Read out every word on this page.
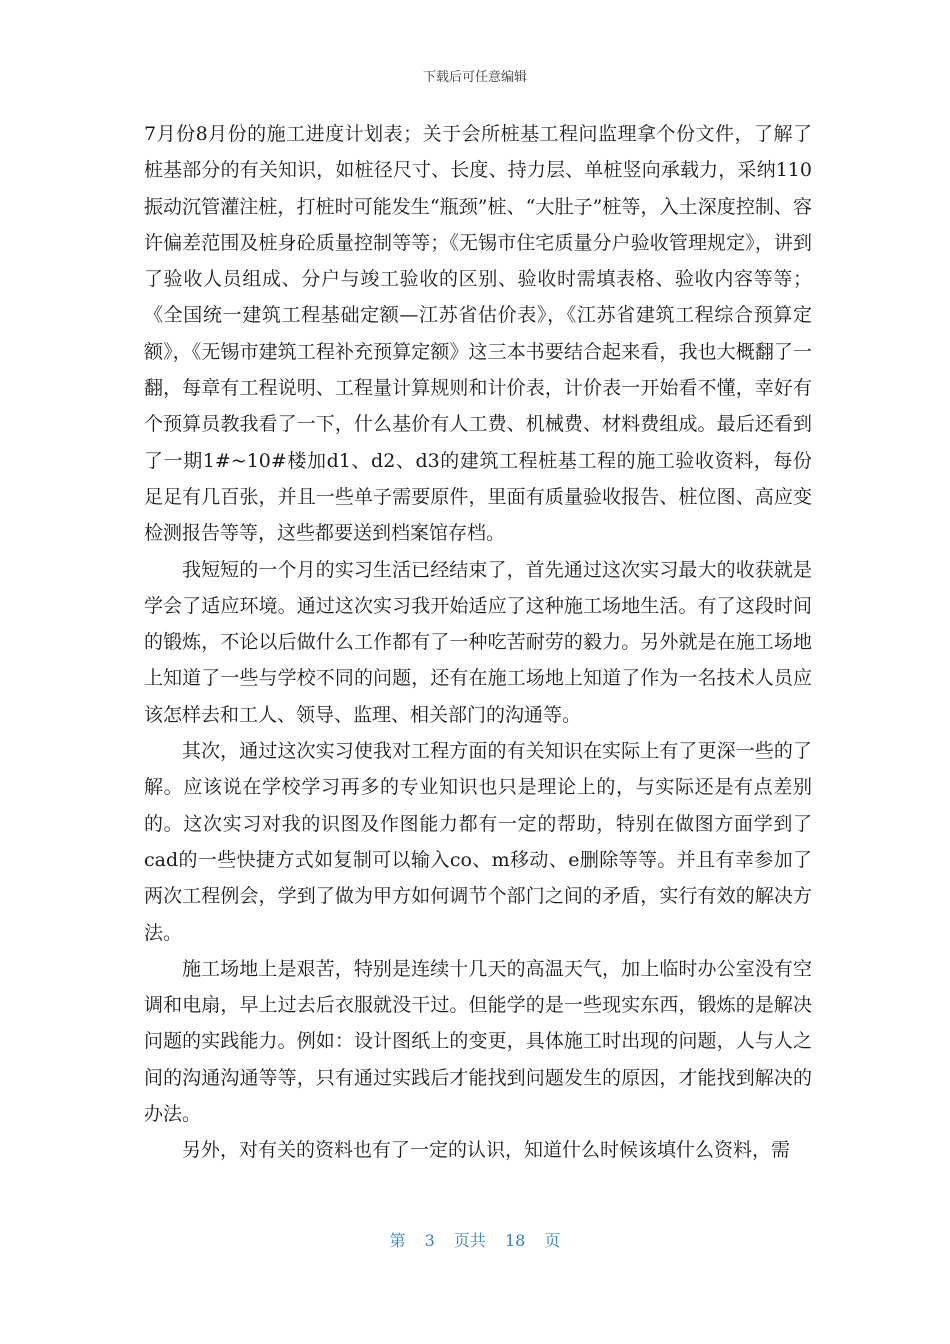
下载后可任意编辑

7月份8月份的施工进度计划表；关于会所桩基工程问监理拿个份文件，了解了桩基部分的有关知识，如桩径尺寸、长度、持力层、单桩竖向承载力，采纳110振动沉管灌注桩，打桩时可能发生“瓶颈”桩、“大肚子”桩等，入土深度控制、容许偏差范围及桩身砼质量控制等等；《无锡市住宅质量分户验收管理规定》，讲到了验收人员组成、分户与竣工验收的区别、验收时需填表格、验收内容等等；《全国统一建筑工程基础定额—江苏省估价表》，《江苏省建筑工程综合预算定额》，《无锡市建筑工程补充预算定额》这三本书要结合起来看，我也大概翻了一翻，每章有工程说明、工程量计算规则和计价表，计价表一开始看不懂，幸好有个预算员教我看了一下，什么基价有人工费、机械费、材料费组成。最后还看到了一期1#~10#楼加d1、d2、d3的建筑工程桩基工程的施工验收资料，每份足足有几百张，并且一些单子需要原件，里面有质量验收报告、桩位图、高应变检测报告等等，这些都要送到档案馆存档。

我短短的一个月的实习生活已经结束了，首先通过这次实习最大的收获就是学会了适应环境。通过这次实习我开始适应了这种施工场地生活。有了这段时间的锻炼，不论以后做什么工作都有了一种吃苦耐劳的毅力。另外就是在施工场地上知道了一些与学校不同的问题，还有在施工场地上知道了作为一名技术人员应该怎样去和工人、领导、监理、相关部门的沟通等。

其次，通过这次实习使我对工程方面的有关知识在实际上有了更深一些的了解。应该说在学校学习再多的专业知识也只是理论上的，与实际还是有点差别的。这次实习对我的识图及作图能力都有一定的帮助，特别在做图方面学到了cad的一些快捷方式如复制可以输入co、m移动、e删除等等。并且有幸参加了两次工程例会，学到了做为甲方如何调节个部门之间的矛盾，实行有效的解决方法。

施工场地上是艰苦，特别是连续十几天的高温天气，加上临时办公室没有空调和电扇，早上过去后衣服就没干过。但能学的是一些现实东西，锻炼的是解决问题的实践能力。例如：设计图纸上的变更，具体施工时出现的问题，人与人之间的沟通沟通等等，只有通过实践后才能找到问题发生的原因，才能找到解决的办法。

另外，对有关的资料也有了一定的认识，知道什么时候该填什么资料，需

第 3 页共 18 页
